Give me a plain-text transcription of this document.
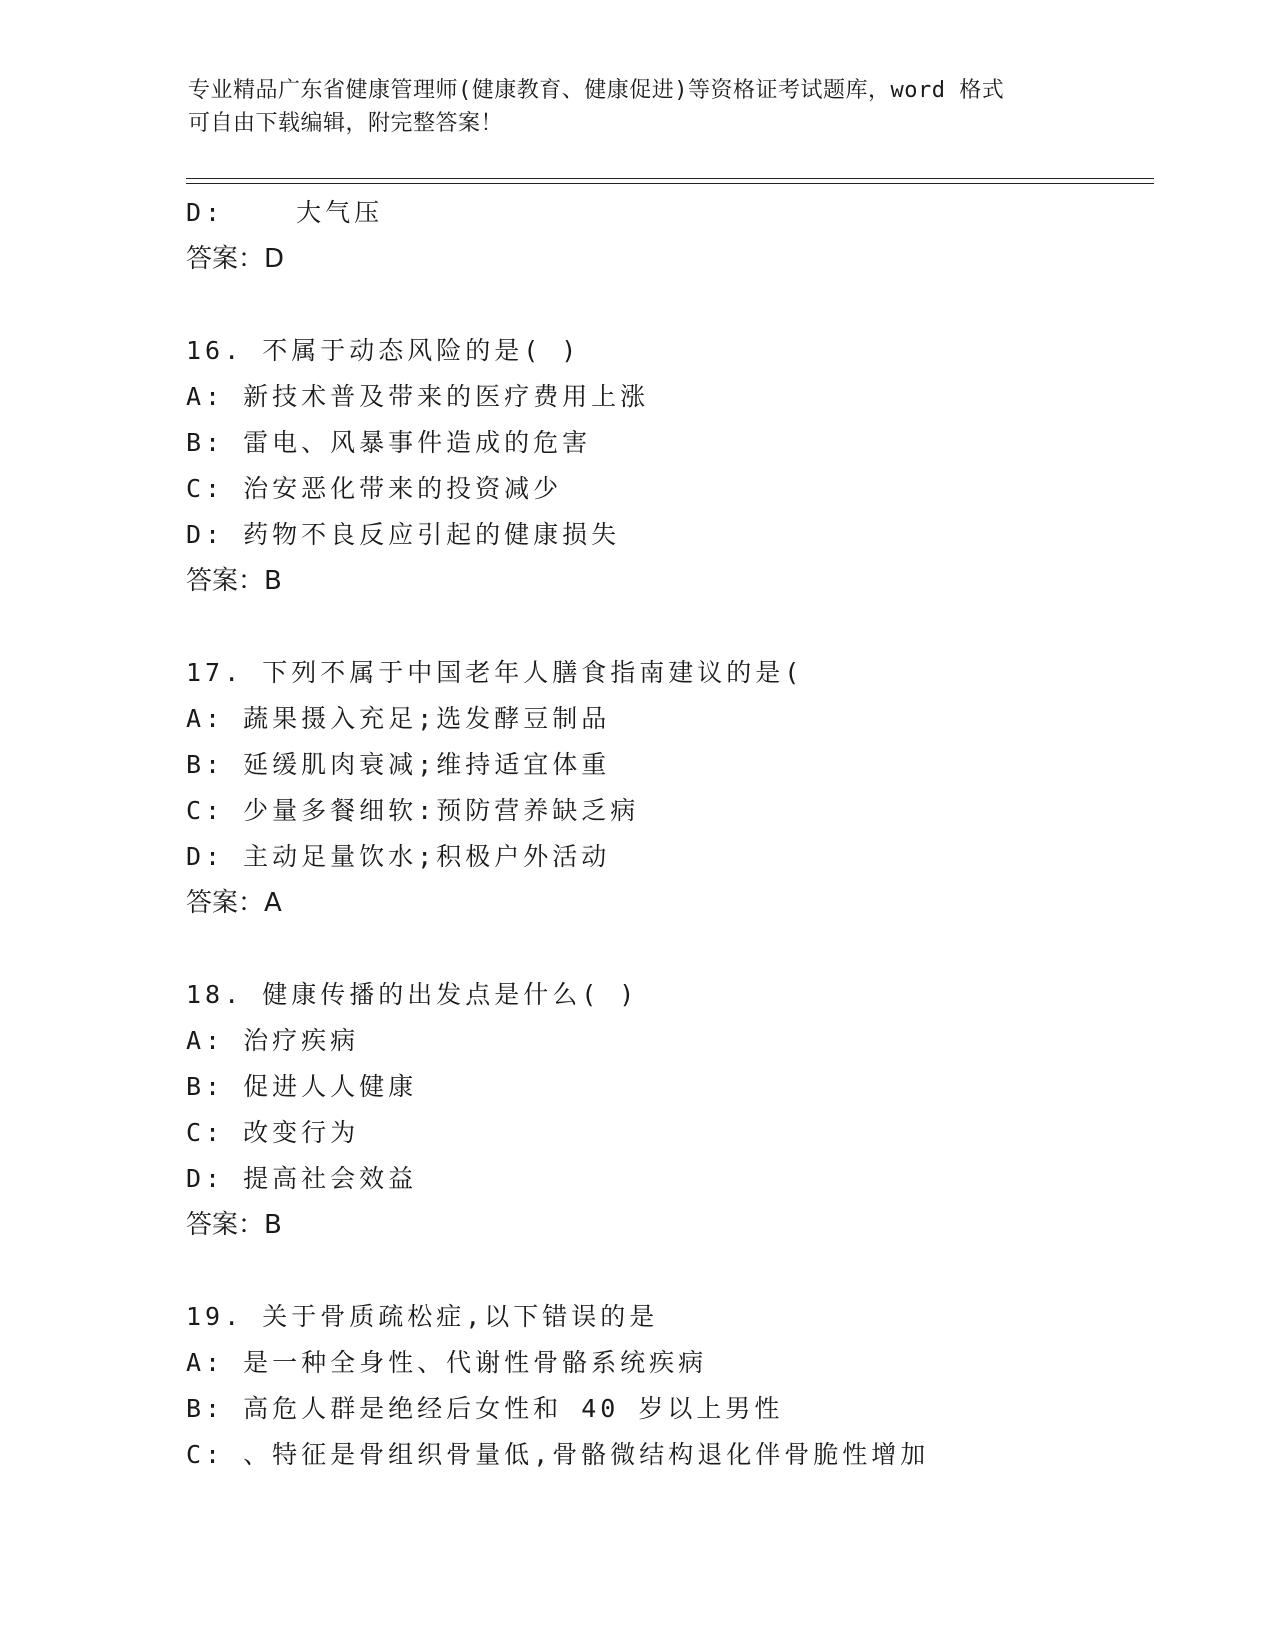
专业精品广东省健康管理师(健康教育、健康促进)等资格证考试题库，word 格式
可自由下载编辑，附完整答案！
D:	大气压
答案：D
16. 不属于动态风险的是( )
A: 新技术普及带来的医疗费用上涨
B: 雷电、风暴事件造成的危害
C: 治安恶化带来的投资减少
D: 药物不良反应引起的健康损失
答案：B
17. 下列不属于中国老年人膳食指南建议的是(
A: 蔬果摄入充足;选发酵豆制品
B: 延缓肌肉衰减;维持适宜体重
C: 少量多餐细软:预防营养缺乏病
D: 主动足量饮水;积极户外活动
答案：A
18. 健康传播的出发点是什么( )
A: 治疗疾病
B: 促进人人健康
C: 改变行为
D: 提高社会效益
答案：B
19. 关于骨质疏松症,以下错误的是
A: 是一种全身性、代谢性骨骼系统疾病
B: 高危人群是绝经后女性和 40 岁以上男性
C: 、特征是骨组织骨量低,骨骼微结构退化伴骨脆性增加
